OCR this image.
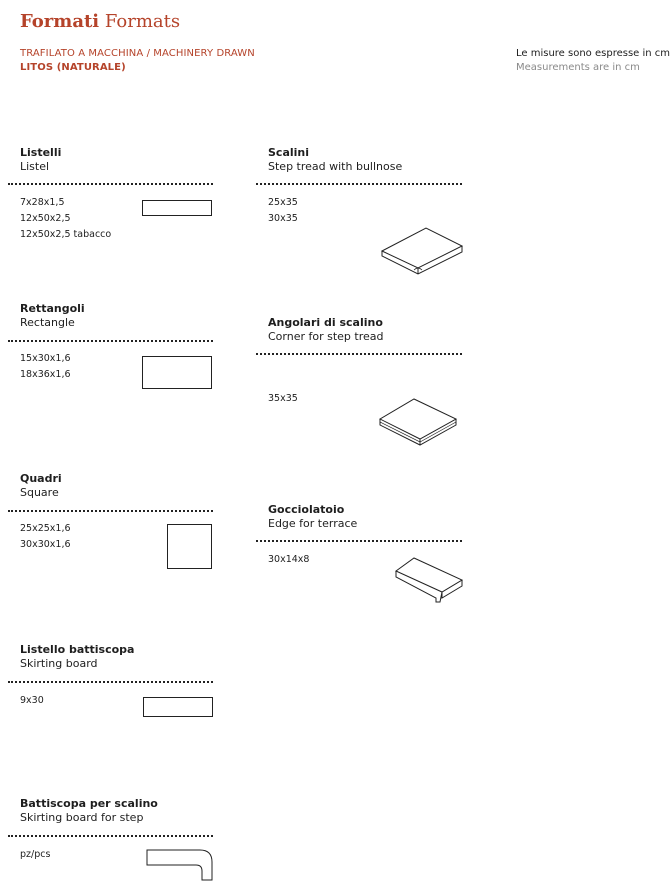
Formati Formats
TRAFILATO A MACCHINA / MACHINERY DRAWN
LITOS (NATURALE)
Le misure sono espresse in cm
Measurements are in cm
Listelli
Listel
7x28x1,5
12x50x2,5
12x50x2,5 tabacco
Rettangoli
Rectangle
15x30x1,6
18x36x1,6
Quadri
Square
25x25x1,6
30x30x1,6
Listello battiscopa
Skirting board
9x30
Battiscopa per scalino
Skirting board for step
pz/pcs
Scalini
Step tread with bullnose
25x35
30x35
Angolari di scalino
Corner for step tread
35x35
Gocciolatoio
Edge for terrace
30x14x8
